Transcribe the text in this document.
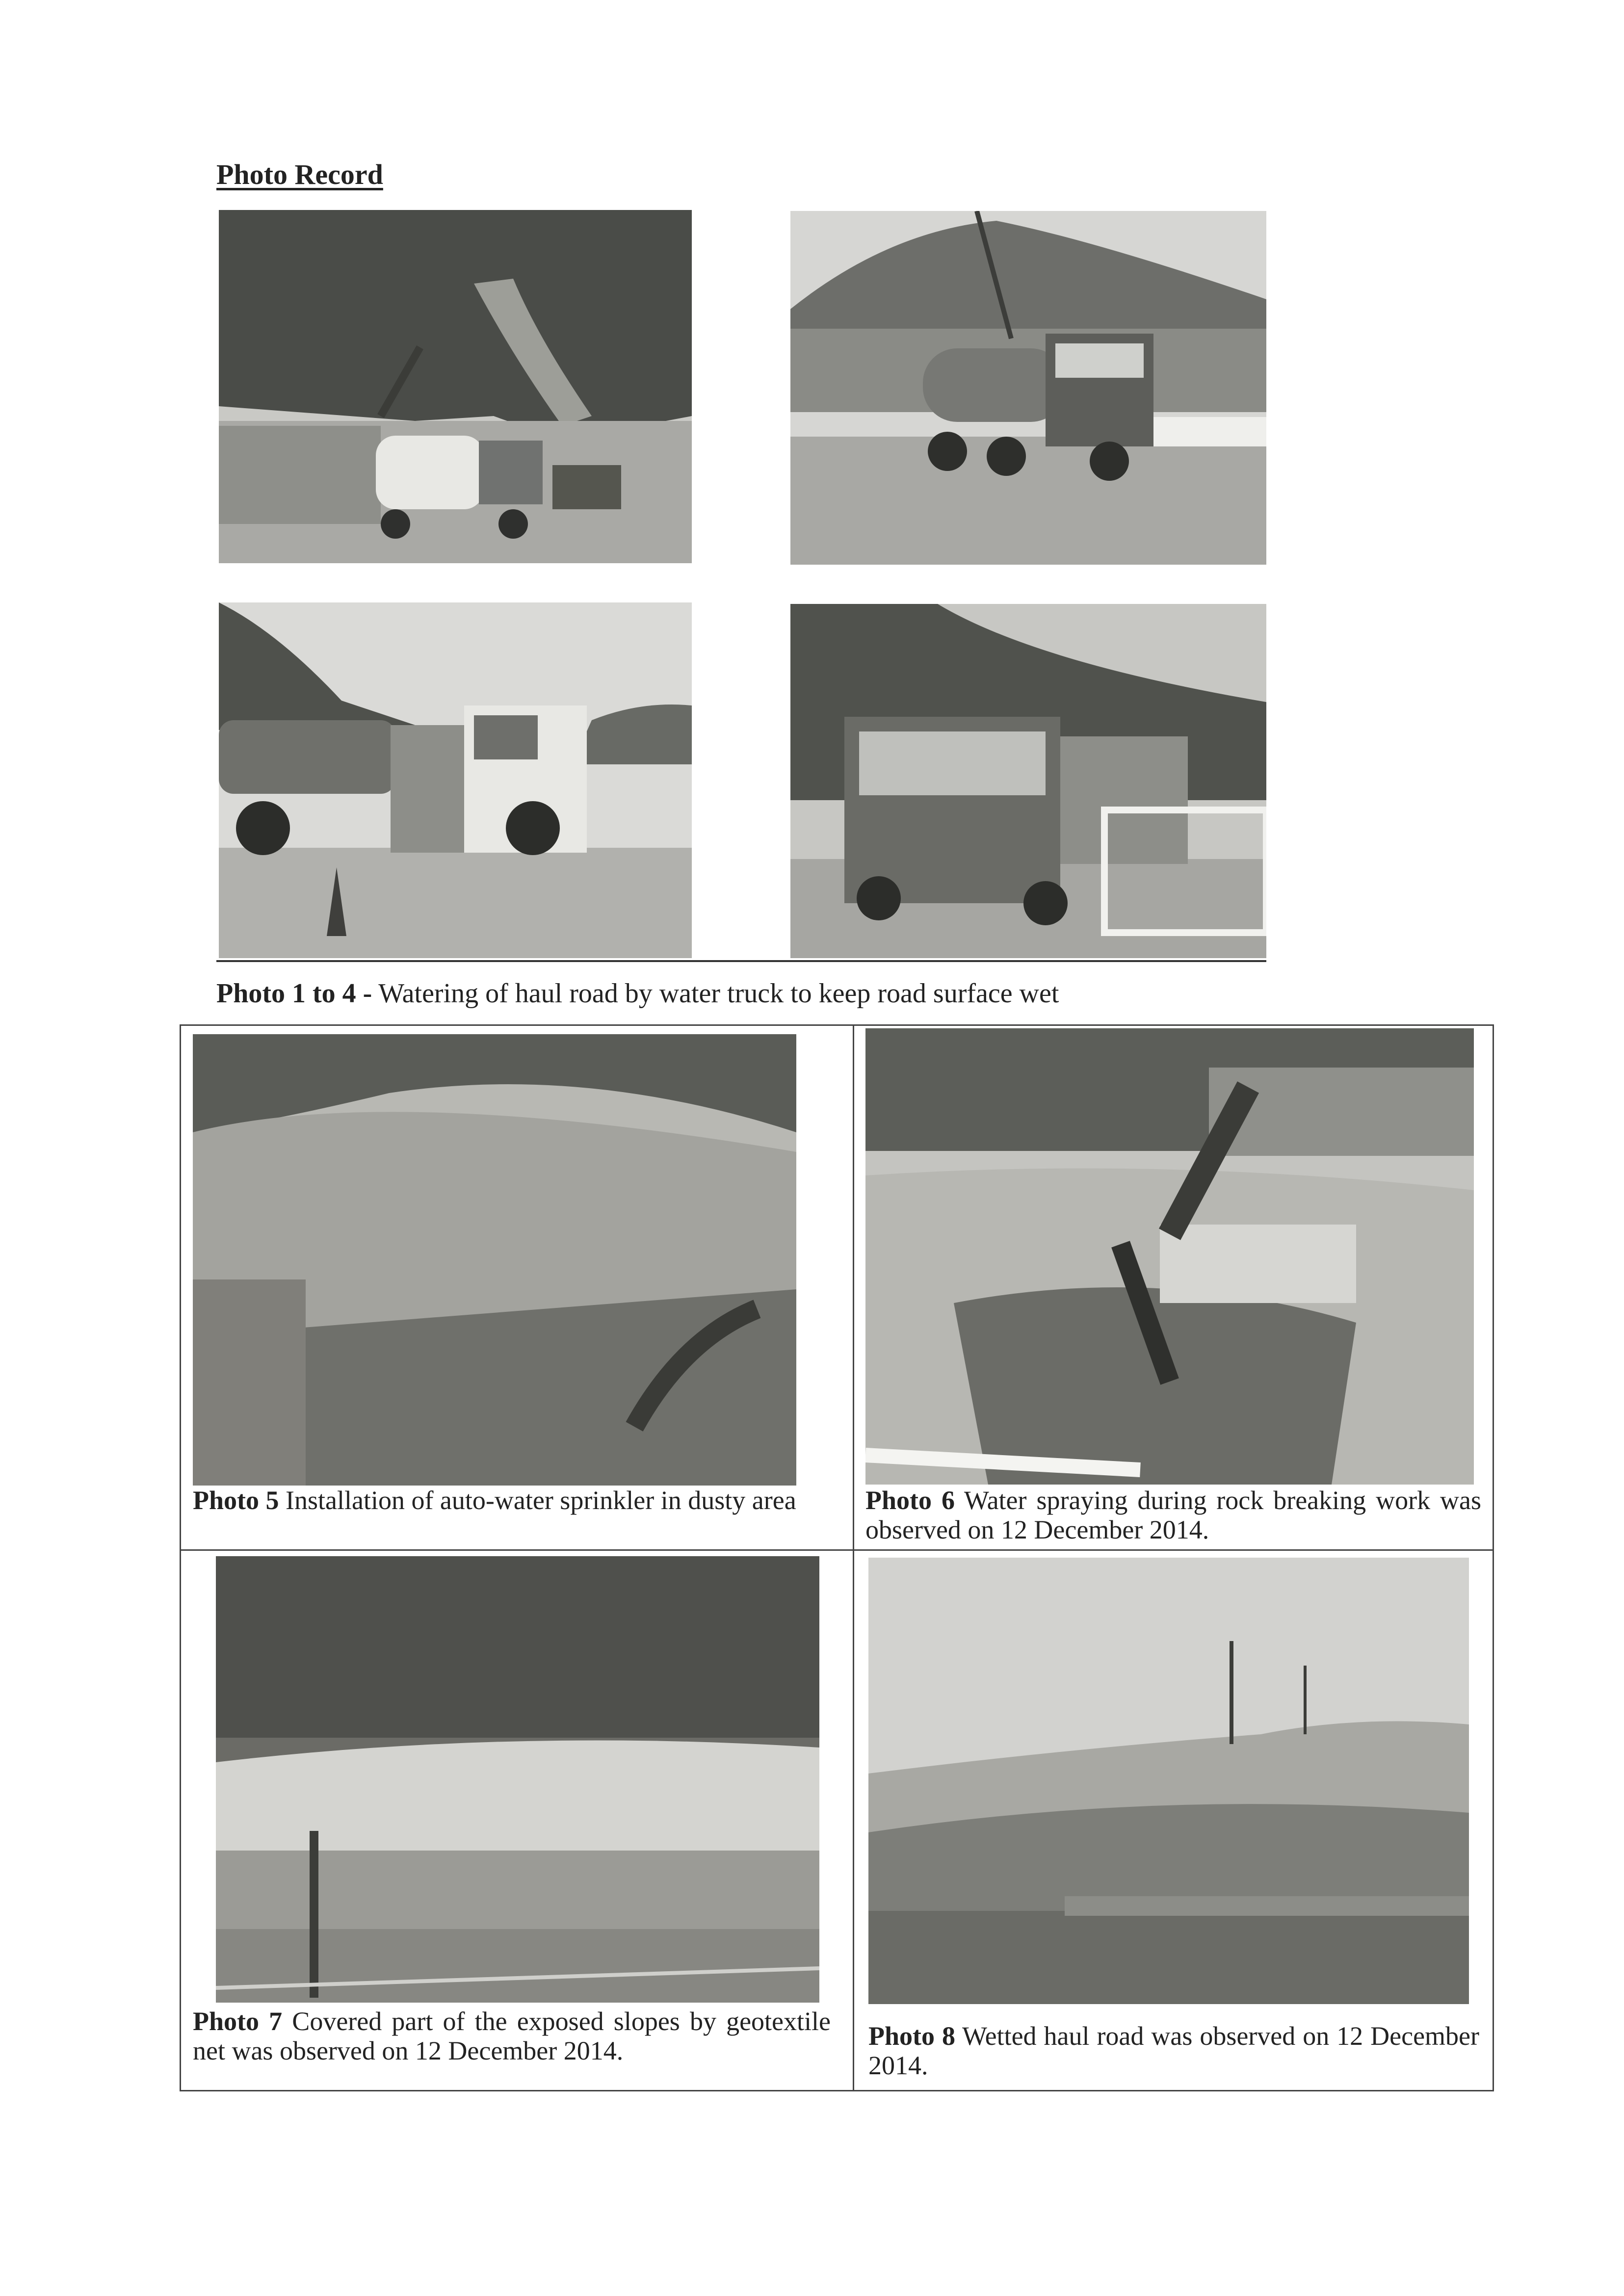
Photo Record
Photo 1 to 4 - Watering of haul road by water truck to keep road surface wet
Photo 5 Installation of auto-water sprinkler in dusty area	Photo 6 Water spraying during rock breaking work was observed on 12 December 2014.
Photo 7 Covered part of the exposed slopes by geotextile net was observed on 12 December 2014.
Photo 8 Wetted haul road was observed on 12 December 2014.
